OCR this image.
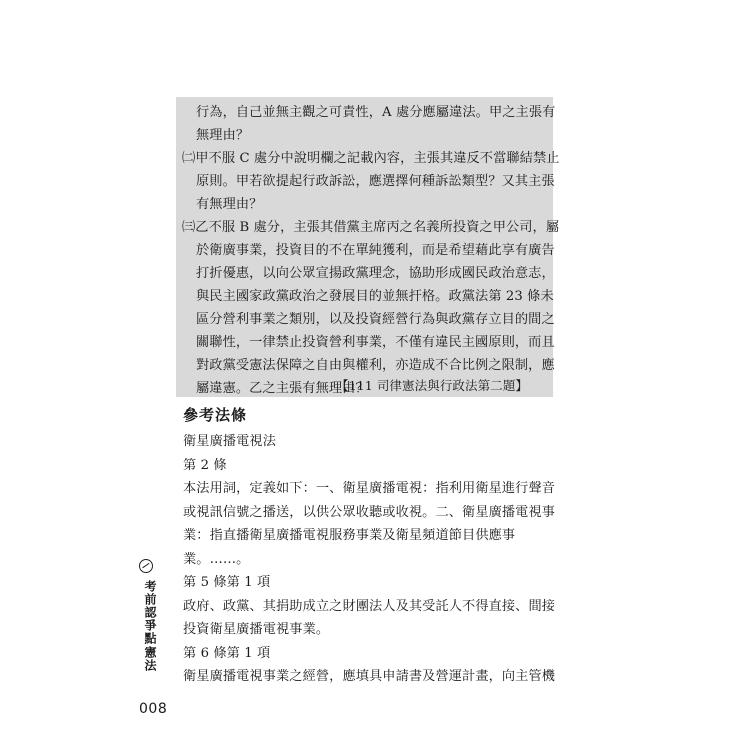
行為，自己並無主觀之可責性，A 處分應屬違法。甲之主張有
無理由？
㈡甲不服 C 處分中說明欄之記載內容，主張其違反不當聯結禁止
原則。甲若欲提起行政訴訟，應選擇何種訴訟類型？又其主張
有無理由？
㈢乙不服 B 處分，主張其借黨主席丙之名義所投資之甲公司，屬
於衛廣事業，投資目的不在單純獲利，而是希望藉此享有廣告
打折優惠，以向公眾宣揚政黨理念，協助形成國民政治意志，
與民主國家政黨政治之發展目的並無扞格。政黨法第 23 條未
區分營利事業之類別，以及投資經營行為與政黨存立目的間之
關聯性，一律禁止投資營利事業，不僅有違民主國原則，而且
對政黨受憲法保障之自由與權利，亦造成不合比例之限制，應
屬違憲。乙之主張有無理由？
【111 司律憲法與行政法第二題】
參考法條
衛星廣播電視法
第 2 條
本法用詞，定義如下：一、衛星廣播電視：指利用衛星進行聲音
或視訊信號之播送，以供公眾收聽或收視。二、衛星廣播電視事
業：指直播衛星廣播電視服務事業及衛星頻道節目供應事
業。……。
第 5 條第 1 項
政府、政黨、其捐助成立之財團法人及其受託人不得直接、間接
投資衛星廣播電視事業。
第 6 條第 1 項
衛星廣播電視事業之經營，應填具申請書及營運計畫，向主管機
考前認爭點
憲法
008
